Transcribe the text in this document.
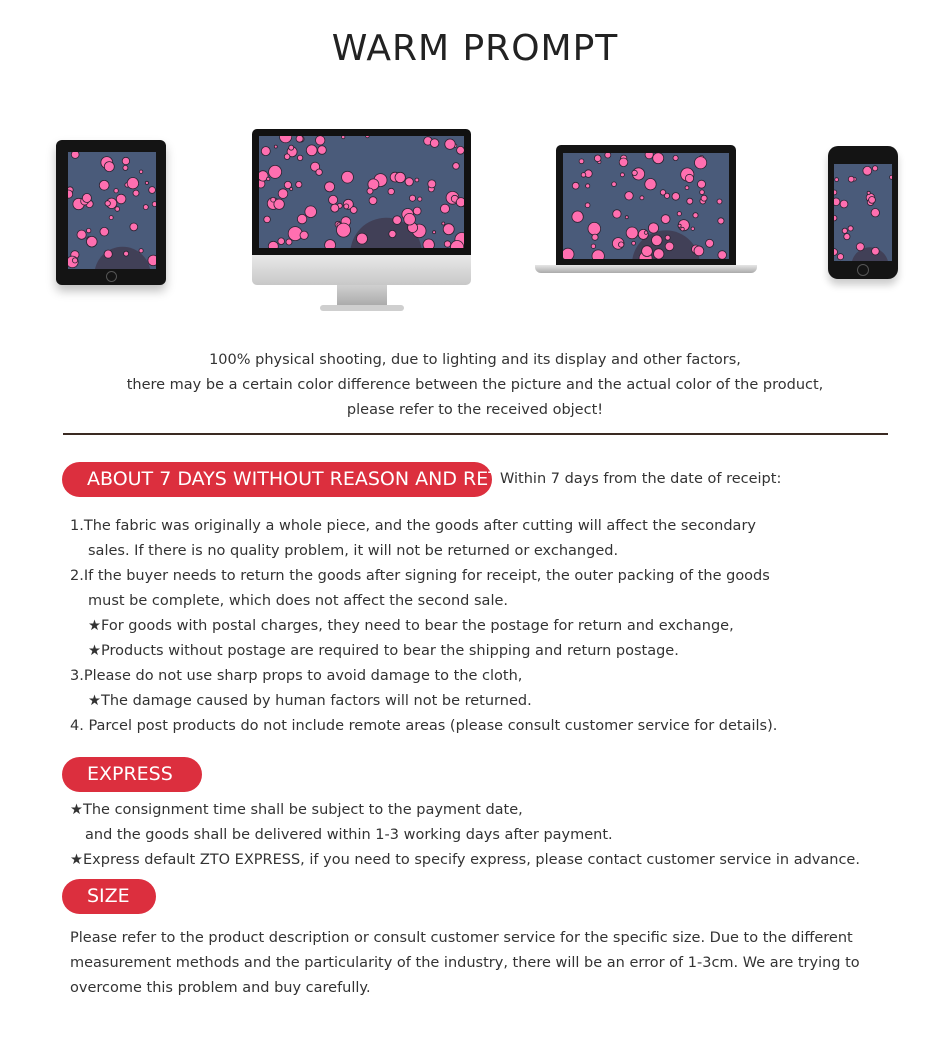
WARM PROMPT
100% physical shooting, due to lighting and its display and other factors,
there may be a certain color difference between the picture and the actual color of the product,
please refer to the received object!
ABOUT 7 DAYS WITHOUT REASON AND RETURN
Within 7 days from the date of receipt:
1.The fabric was originally a whole piece, and the goods after cutting will affect the secondary
sales. If there is no quality problem, it will not be returned or exchanged.
2.If the buyer needs to return the goods after signing for receipt, the outer packing of the goods
must be complete, which does not affect the second sale.
★For goods with postal charges, they need to bear the postage for return and exchange,
★Products without postage are required to bear the shipping and return postage.
3.Please do not use sharp props to avoid damage to the cloth,
★The damage caused by human factors will not be returned.
4. Parcel post products do not include remote areas (please consult customer service for details).
EXPRESS
★The consignment time shall be subject to the payment date,
and the goods shall be delivered within 1-3 working days after payment.
★Express default ZTO EXPRESS, if you need to specify express, please contact customer service in advance.
SIZE
Please refer to the product description or consult customer service for the specific size. Due to the different measurement methods and the particularity of the industry, there will be an error of 1-3cm. We are trying to overcome this problem and buy carefully.
